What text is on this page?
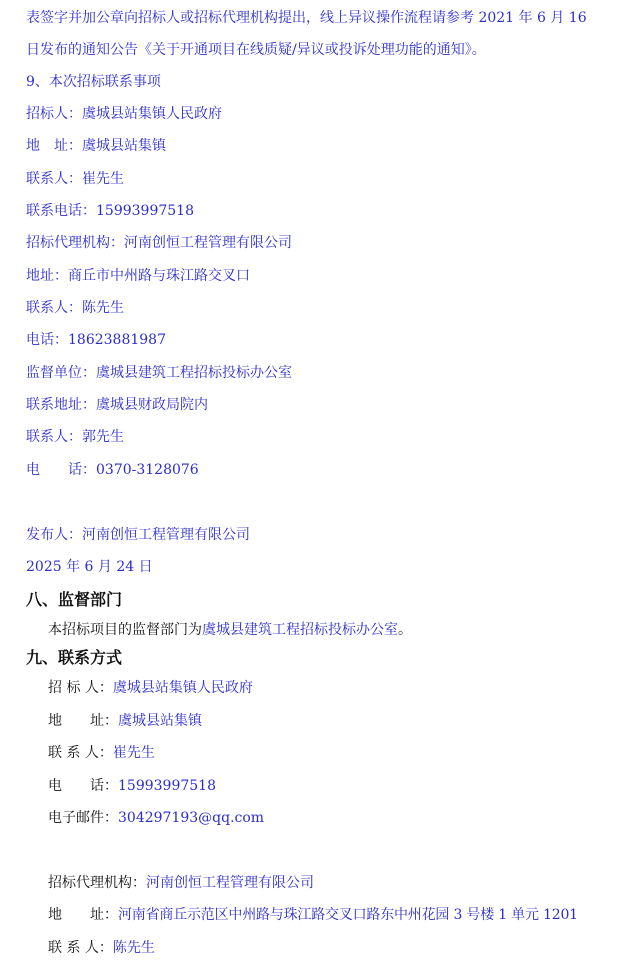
表签字并加公章向招标人或招标代理机构提出，线上异议操作流程请参考 2021 年 6 月 16
日发布的通知公告《关于开通项目在线质疑/异议或投诉处理功能的通知》。
9、本次招标联系事项
招标人：虞城县站集镇人民政府
地　址：虞城县站集镇
联系人：崔先生
联系电话：15993997518
招标代理机构：河南创恒工程管理有限公司
地址：商丘市中州路与珠江路交叉口
联系人：陈先生
电话：18623881987
监督单位：虞城县建筑工程招标投标办公室
联系地址：虞城县财政局院内
联系人：郭先生
电　　话：0370-3128076
发布人：河南创恒工程管理有限公司
2025 年 6 月 24 日
八、监督部门
本招标项目的监督部门为虞城县建筑工程招标投标办公室。
九、联系方式
招 标 人：虞城县站集镇人民政府
地　　址：虞城县站集镇
联 系 人：崔先生
电　　话：15993997518
电子邮件：304297193@qq.com
招标代理机构：河南创恒工程管理有限公司
地　　址：河南省商丘示范区中州路与珠江路交叉口路东中州花园 3 号楼 1 单元 1201
联 系 人：陈先生
